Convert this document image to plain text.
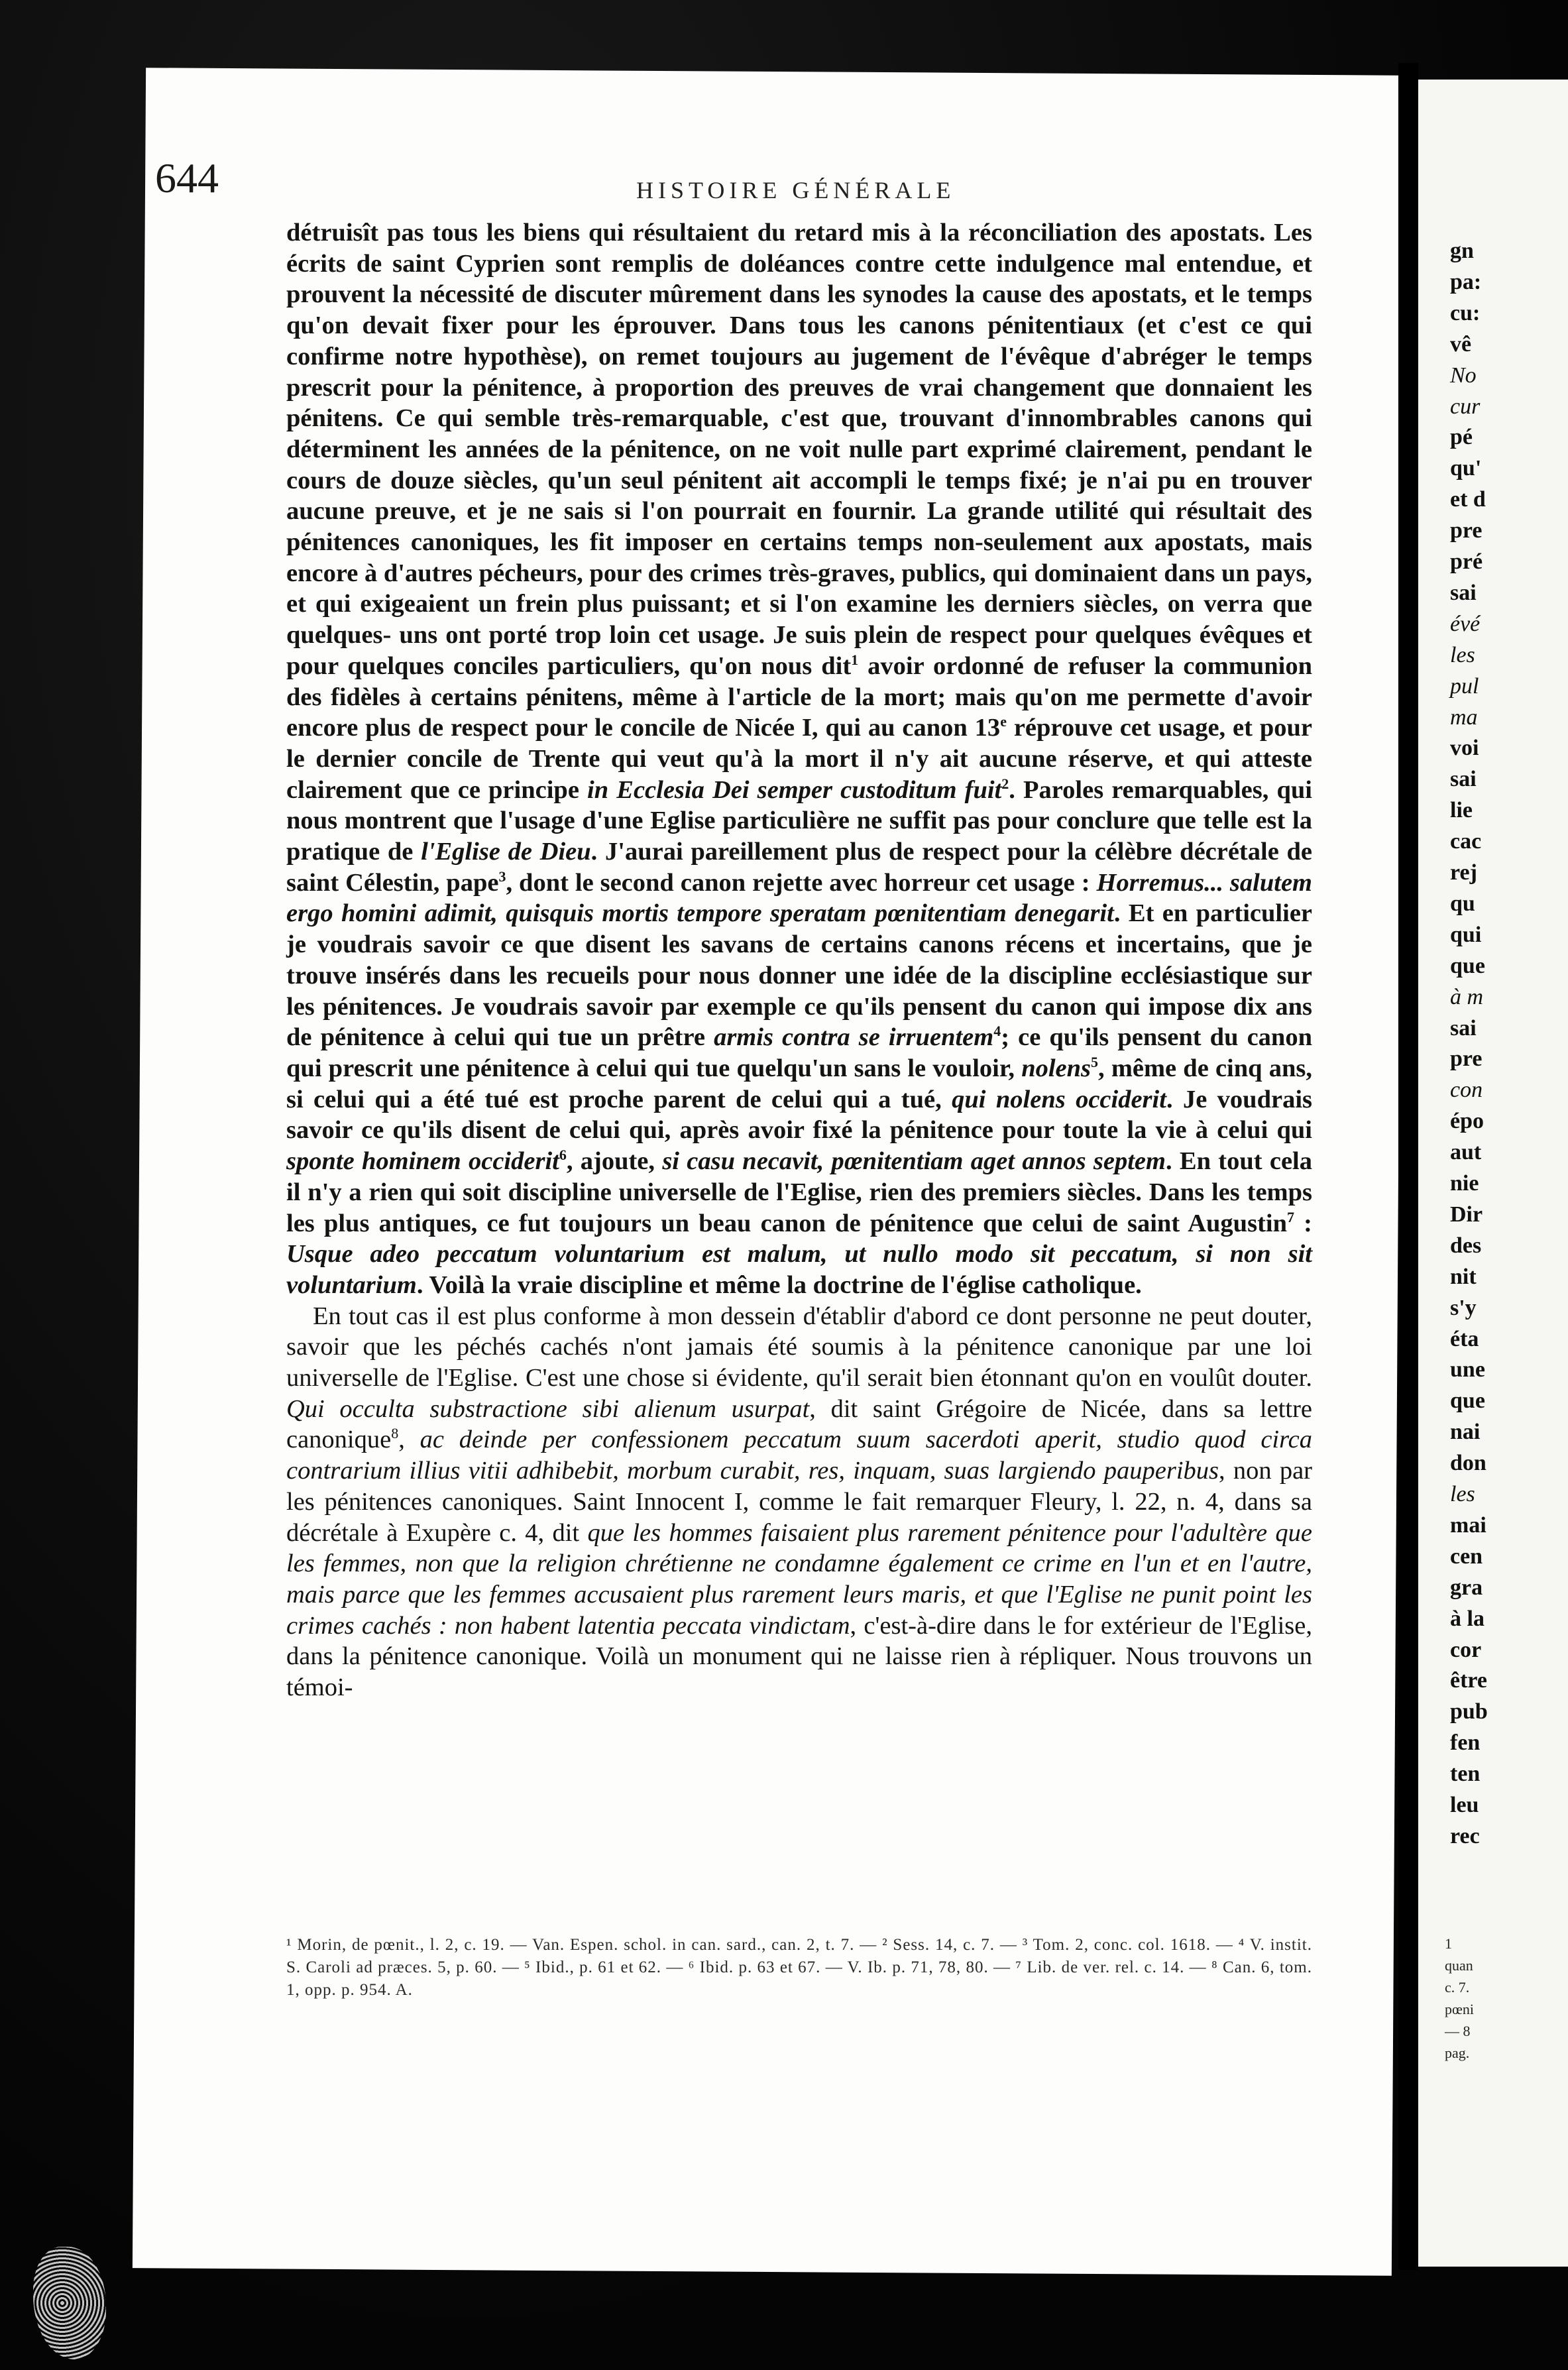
644	HISTOIRE GÉNÉRALE

détruisît pas tous les biens qui résultaient du retard mis à la réconciliation des apostats. Les écrits de saint Cyprien sont remplis de doléances contre cette indulgence mal entendue, et prouvent la nécessité de discuter mûrement dans les synodes la cause des apostats, et le temps qu'on devait fixer pour les éprouver. Dans tous les canons pénitentiaux (et c'est ce qui confirme notre hypothèse), on remet toujours au jugement de l'évêque d'abréger le temps prescrit pour la pénitence, à proportion des preuves de vrai changement que donnaient les pénitens. Ce qui semble très-remarquable, c'est que, trouvant d'innombrables canons qui déterminent les années de la pénitence, on ne voit nulle part exprimé clairement, pendant le cours de douze siècles, qu'un seul pénitent ait accompli le temps fixé; je n'ai pu en trouver aucune preuve, et je ne sais si l'on pourrait en fournir. La grande utilité qui résultait des pénitences canoniques, les fit imposer en certains temps non-seulement aux apostats, mais encore à d'autres pécheurs, pour des crimes très-graves, publics, qui dominaient dans un pays, et qui exigeaient un frein plus puissant; et si l'on examine les derniers siècles, on verra que quelques- uns ont porté trop loin cet usage. Je suis plein de respect pour quelques évêques et pour quelques conciles particuliers, qu'on nous dit$^1$ avoir ordonné de refuser la communion des fidèles à certains pénitens, même à l'article de la mort; mais qu'on me permette d'avoir encore plus de respect pour le concile de Nicée I, qui au canon 13e réprouve cet usage, et pour le dernier concile de Trente qui veut qu'à la mort il n'y ait aucune réserve, et qui atteste clairement que ce principe in Ecclesia Dei semper custoditum fuit$^2$. Paroles remarquables, qui nous montrent que l'usage d'une Eglise particulière ne suffit pas pour conclure que telle est la pratique de l'Eglise de Dieu. J'aurai pareillement plus de respect pour la célèbre décrétale de saint Célestin, pape$^3$, dont le second canon rejette avec horreur cet usage : Horremus... salutem ergo homini adimit, quisquis mortis tempore speratam pœnitentiam denegarit. Et en particulier je voudrais savoir ce que disent les savans de certains canons récens et incertains, que je trouve insérés dans les recueils pour nous donner une idée de la discipline ecclésiastique sur les pénitences. Je voudrais savoir par exemple ce qu'ils pensent du canon qui impose dix ans de pénitence à celui qui tue un prêtre armis contra se irruentem$^4$; ce qu'ils pensent du canon qui prescrit une pénitence à celui qui tue quelqu'un sans le vouloir, nolens$^5$, même de cinq ans, si celui qui a été tué est proche parent de celui qui a tué, qui nolens occiderit. Je voudrais savoir ce qu'ils disent de celui qui, après avoir fixé la pénitence pour toute la vie à celui qui sponte hominem occiderit$^6$, ajoute, si casu necavit, pœnitentiam aget annos septem. En tout cela il n'y a rien qui soit discipline universelle de l'Eglise, rien des premiers siècles. Dans les temps les plus antiques, ce fut toujours un beau canon de pénitence que celui de saint Augustin$^7$ : Usque adeo peccatum voluntarium est malum, ut nullo modo sit peccatum, si non sit voluntarium. Voilà la vraie discipline et même la doctrine de l'église catholique.

En tout cas il est plus conforme à mon dessein d'établir d'abord ce dont personne ne peut douter, savoir que les péchés cachés n'ont jamais été soumis à la pénitence canonique par une loi universelle de l'Eglise. C'est une chose si évidente, qu'il serait bien étonnant qu'on en voulût douter. Qui occulta substractione sibi alienum usurpat, dit saint Grégoire de Nicée, dans sa lettre canonique$^8$, ac deinde per confessionem peccatum suum sacerdoti aperit, studio quod circa contrarium illius vitii adhibebit, morbum curabit, res, inquam, suas largiendo pauperibus, non par les pénitences canoniques. Saint Innocent I, comme le fait remarquer Fleury, l. 22, n. 4, dans sa décrétale à Exupère c. 4, dit que les hommes faisaient plus rarement pénitence pour l'adultère que les femmes, non que la religion chrétienne ne condamne également ce crime en l'un et en l'autre, mais parce que les femmes accusaient plus rarement leurs maris, et que l'Eglise ne punit point les crimes cachés : non habent latentia peccata vindictam, c'est-à-dire dans le for extérieur de l'Eglise, dans la pénitence canonique. Voilà un monument qui ne laisse rien à répliquer. Nous trouvons un témoi-

¹ Morin, de pœnit., l. 2, c. 19. — Van. Espen. schol. in can. sard., can. 2, t. 7. — ² Sess. 14, c. 7. — ³ Tom. 2, conc. col. 1618. — ⁴ V. instit. S. Caroli ad præces. 5, p. 60. — ⁵ Ibid., p. 61 et 62. — ⁶ Ibid. p. 63 et 67. — V. Ib. p. 71, 78, 80. — ⁷ Lib. de ver. rel. c. 14. — ⁸ Can. 6, tom. 1, opp. p. 954. A.
gn
pa:
cu:
vê
No
cur
pé
qu'
et d
pre
pré
sai
évé
les
pul
ma
voi
sai
lie
cac
rej
qu
qui
que
à m
sai
pre
con
épo
aut
nie
Dir
des
nit
s'y
éta
une
que
nai
don
les
mai
cen
gra
à la
cor
être
pub
fen
ten
leu
rec
1
quan
c. 7.
pœni
— 8
pag.
